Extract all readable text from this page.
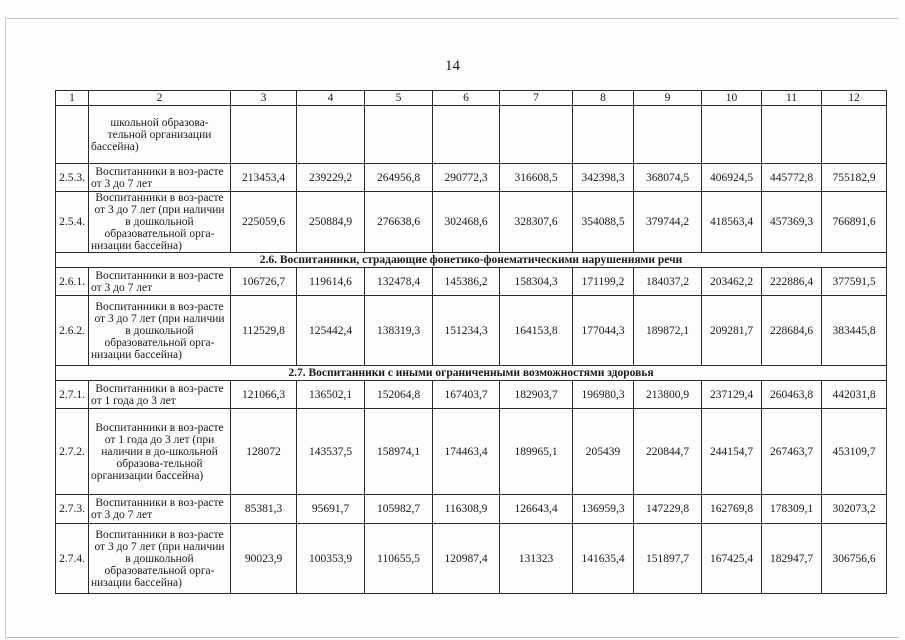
14
1	2	3	4	5	6	7	8	9	10	11	12
	школьной образова-тельной организации бассейна)										
2.5.3.	Воспитанники в воз-расте от 3 до 7 лет	213453,4	239229,2	264956,8	290772,3	316608,5	342398,3	368074,5	406924,5	445772,8	755182,9
2.5.4.	Воспитанники в воз-расте от 3 до 7 лет (при наличии в дошкольной образовательной орга-низации бассейна)	225059,6	250884,9	276638,6	302468,6	328307,6	354088,5	379744,2	418563,4	457369,3	766891,6
2.6. Воспитанники, страдающие фонетико-фонематическими нарушениями речи											
2.6.1.	Воспитанники в воз-расте от 3 до 7 лет	106726,7	119614,6	132478,4	145386,2	158304,3	171199,2	184037,2	203462,2	222886,4	377591,5
2.6.2.	Воспитанники в воз-расте от 3 до 7 лет (при наличии в дошкольной образовательной орга-низации бассейна)	112529,8	125442,4	138319,3	151234,3	164153,8	177044,3	189872,1	209281,7	228684,6	383445,8
2.7. Воспитанники с иными ограниченными возможностями здоровья											
2.7.1.	Воспитанники в воз-расте от 1 года до 3 лет	121066,3	136502,1	152064,8	167403,7	182903,7	196980,3	213800,9	237129,4	260463,8	442031,8
2.7.2.	Воспитанники в воз-расте от 1 года до 3 лет (при наличии в до-школьной образова-тельной организации бассейна)	128072	143537,5	158974,1	174463,4	189965,1	205439	220844,7	244154,7	267463,7	453109,7
2.7.3.	Воспитанники в воз-расте от 3 до 7 лет	85381,3	95691,7	105982,7	116308,9	126643,4	136959,3	147229,8	162769,8	178309,1	302073,2
2.7.4.	Воспитанники в воз-расте от 3 до 7 лет (при наличии в дошкольной образовательной орга-низации бассейна)	90023,9	100353,9	110655,5	120987,4	131323	141635,4	151897,7	167425,4	182947,7	306756,6
